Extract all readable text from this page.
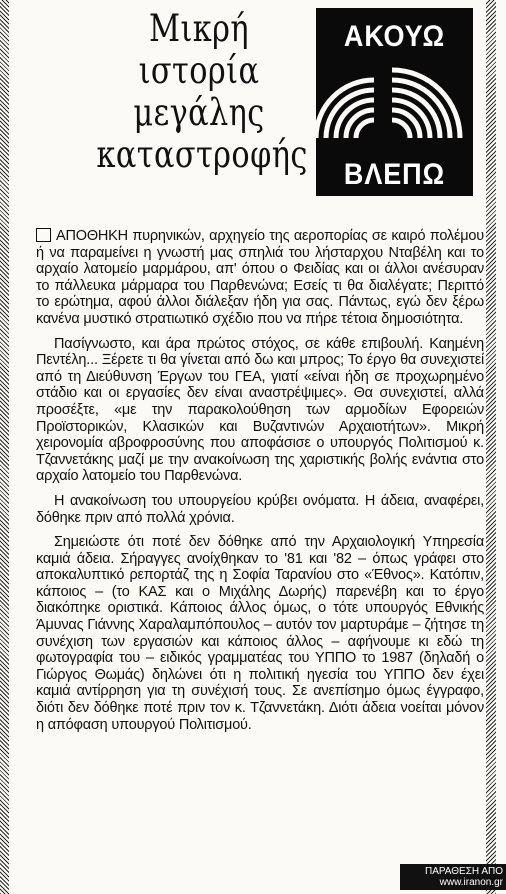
Μικρή
ιστορία
μεγάλης
καταστροφής
ΑΚΟΥΩ
ΒΛΕΠΩ

ΑΠΟΘΗΚΗ πυρηνικών, αρχηγείο της αεροπορίας σε καιρό πολέμου ή να παραμείνει η γνωστή μας σπηλιά του λήσταρχου Νταβέλη και το αρχαίο λατομείο μαρμάρου, απ' όπου ο Φειδίας και οι άλλοι ανέσυραν το πάλλευκα μάρμαρα του Παρθενώνα; Εσείς τι θα διαλέγατε; Περιττό το ερώτημα, αφού άλλοι διάλεξαν ήδη για σας. Πάντως, εγώ δεν ξέρω κανένα μυστικό στρατιωτικό σχέδιο που να πήρε τέτοια δημοσιότητα.

Πασίγνωστο, και άρα πρώτος στόχος, σε κάθε επιβουλή. Καημένη Πεντέλη... Ξέρετε τι θα γίνεται από δω και μπρος; Το έργο θα συνεχιστεί από τη Διεύθυνση Έργων του ΓΕΑ, γιατί «είναι ήδη σε προχωρημένο στάδιο και οι εργασίες δεν είναι αναστρέψιμες». Θα συνεχιστεί, αλλά προσέξτε, «με την παρακολούθηση των αρμοδίων Εφορειών Προϊστορικών, Κλασικών και Βυζαντινών Αρχαιοτήτων». Μικρή χειρονομία αβροφροσύνης που αποφάσισε ο υπουργός Πολιτισμού κ. Τζαννετάκης μαζί με την ανακοίνωση της χαριστικής βολής ενάντια στο αρχαίο λατομείο του Παρθενώνα.

Η ανακοίνωση του υπουργείου κρύβει ονόματα. Η άδεια, αναφέρει, δόθηκε πριν από πολλά χρόνια.

Σημειώστε ότι ποτέ δεν δόθηκε από την Αρχαιολογική Υπηρεσία καμιά άδεια. Σήραγγες ανοίχθηκαν το '81 και '82 – όπως γράφει στο αποκαλυπτικό ρεπορτάζ της η Σοφία Ταρανίου στο «Έθνος». Κατόπιν, κάποιος – (το ΚΑΣ και ο Μιχάλης Δωρής) παρενέβη και το έργο διακόπηκε οριστικά. Κάποιος άλλος όμως, ο τότε υπουργός Εθνικής Άμυνας Γιάννης Χαραλαμπόπουλος – αυτόν τον μαρτυράμε – ζήτησε τη συνέχιση των εργασιών και κάποιος άλλος – αφήνουμε κι εδώ τη φωτογραφία του – ειδικός γραμματέας του ΥΠΠΟ το 1987 (δηλαδή ο Γιώργος Θωμάς) δηλώνει ότι η πολιτική ηγεσία του ΥΠΠΟ δεν έχει καμιά αντίρρηση για τη συνέχισή τους. Σε ανεπίσημο όμως έγγραφο, διότι δεν δόθηκε ποτέ πριν τον κ. Τζαννετάκη. Διότι άδεια νοείται μόνον η απόφαση υπουργού Πολιτισμού.

ΠΑΡΑΘΕΣΗ ΑΠΟ
www.iranon.gr
